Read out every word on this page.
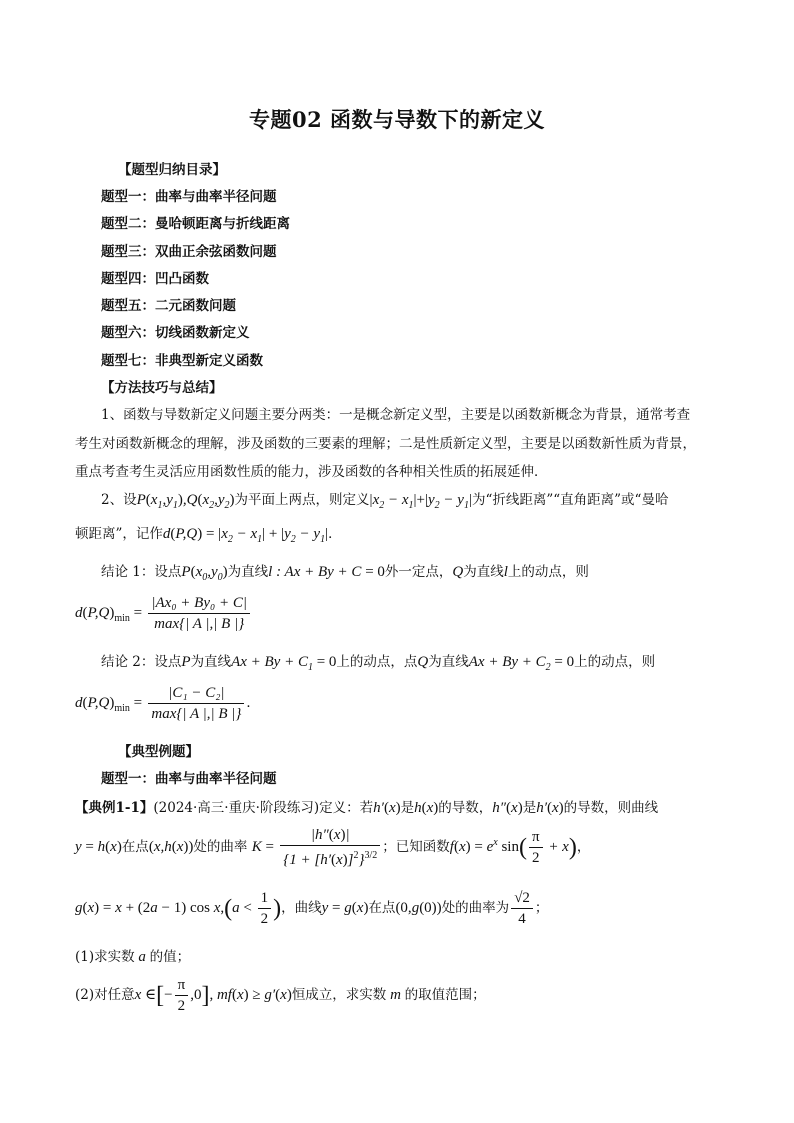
专题02 函数与导数下的新定义
【题型归纳目录】
题型一：曲率与曲率半径问题
题型二：曼哈顿距离与折线距离
题型三：双曲正余弦函数问题
题型四：凹凸函数
题型五：二元函数问题
题型六：切线函数新定义
题型七：非典型新定义函数
【方法技巧与总结】
1、函数与导数新定义问题主要分两类：一是概念新定义型，主要是以函数新概念为背景，通常考查
考生对函数新概念的理解，涉及函数的三要素的理解；二是性质新定义型，主要是以函数新性质为背景，
重点考查考生灵活应用函数性质的能力，涉及函数的各种相关性质的拓展延伸．
2、设$P(x_1,y_1),Q(x_2,y_2)$为平面上两点，则定义$|x_2 - x_1|+|y_2 - y_1|$为“折线距离”“直角距离”或“曼哈
顿距离”，记作$d(P,Q) = |x_2 - x_1| + |y_2 - y_1|$．
结论 1：设点$P(x_0,y_0)$为直线l : Ax + By + C = 0外一定点，Q为直线l上的动点，则
$d(P,Q)_{min} = \frac{\text{|Ax₀ + By₀ + C|}}{\max\{| A |,| B |\}}$
结论 2：设点P为直线$Ax + By + C_1 = 0$上的动点，点Q为直线$Ax + By + C_2 = 0$上的动点，则
$d(P,Q)_{min} = \frac{\text{|C₁ − C₂|}}{\max\{| A |,| B |\}}$ ．
【典型例题】
题型一：曲率与曲率半径问题
【典例1-1】(2024·高三·重庆·阶段练习)定义：若h′(x)是h(x)的导数，h″(x)是h′(x)的导数，则曲线
y = h(x)在点(x,h(x))处的曲率 $K = \frac{|h''(x)|}{\{1 + [h'(x)]^2\}^{3/2}}$ ；已知函数$f(x) = e^x$ $\sin( \frac{\pi}{2} + x)$，
g(x) = x + (2a − 1) $\cos x,(a < \frac{1}{2}$ )，曲线y = g(x)在点(0,g(0))处的曲率为 $\frac{√2}{4}$ ；
(1)求实数 a 的值；
(2)对任意x ∈[− $\frac{\pi}{2} ,0$], mf(x) ≥ g′(x)恒成立，求实数 m 的取值范围；
